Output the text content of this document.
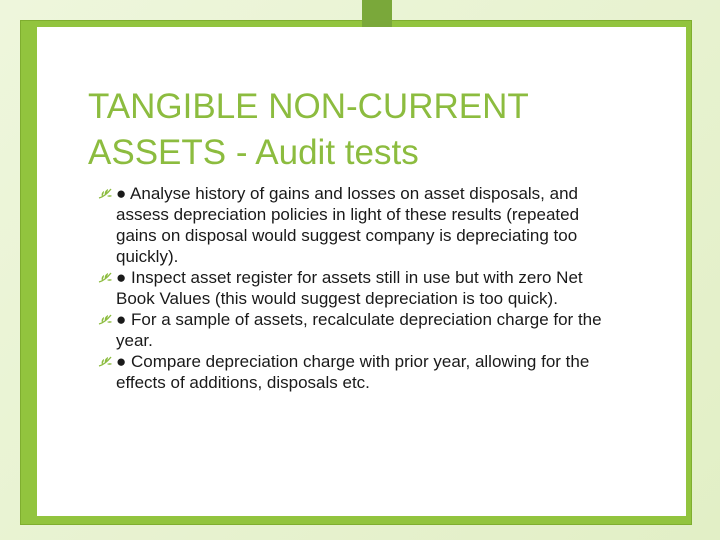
TANGIBLE NON-CURRENT ASSETS - Audit tests
● Analyse history of gains and losses on asset disposals, and assess depreciation policies in light of these results (repeated gains on disposal would suggest company is depreciating too quickly).
● Inspect asset register for assets still in use but with zero Net Book Values (this would suggest depreciation is too quick).
● For a sample of assets, recalculate depreciation charge for the year.
● Compare depreciation charge with prior year, allowing for the effects of additions, disposals etc.
